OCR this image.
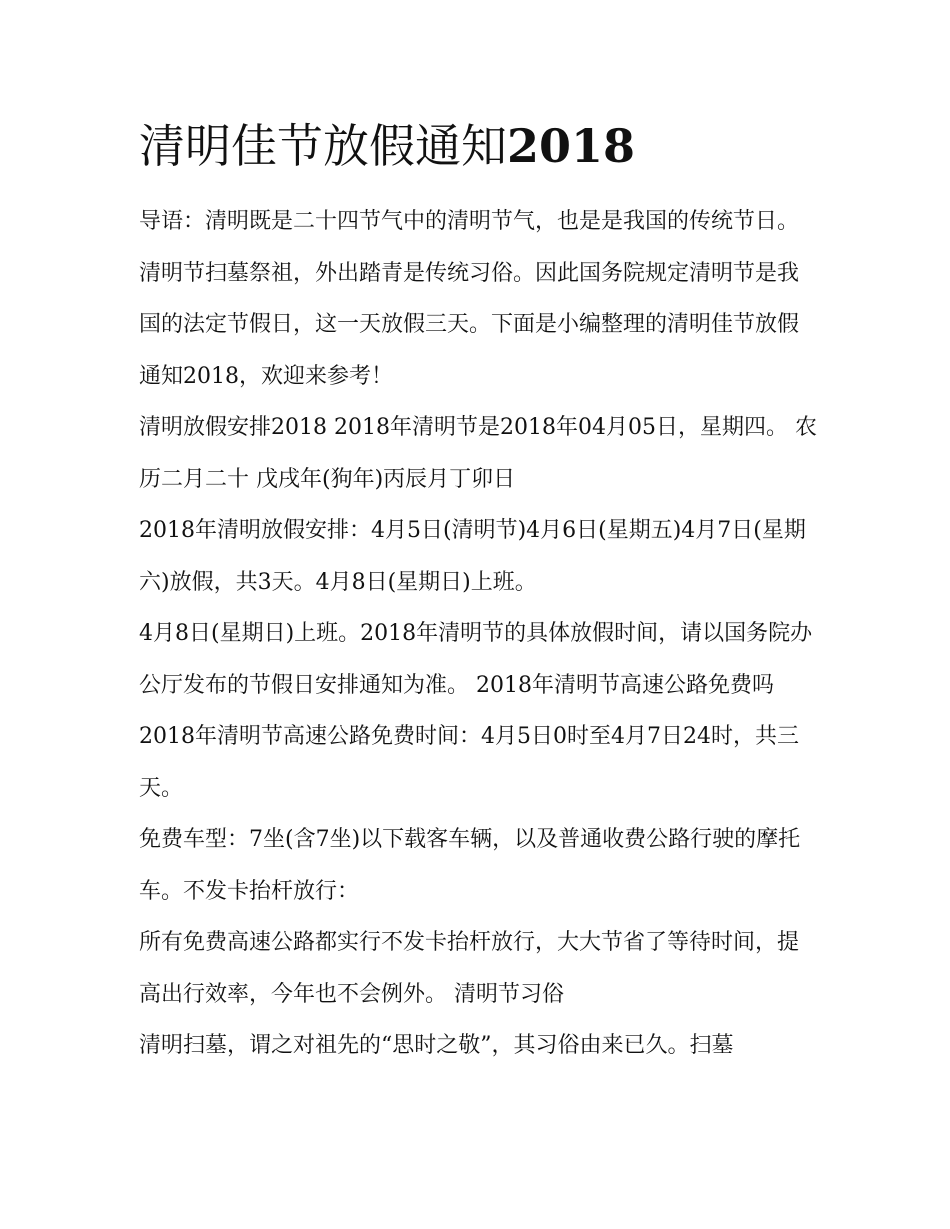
清明佳节放假通知2018

导语：清明既是二十四节气中的清明节气，也是是我国的传统节日。清明节扫墓祭祖，外出踏青是传统习俗。因此国务院规定清明节是我国的法定节假日，这一天放假三天。下面是小编整理的清明佳节放假通知2018，欢迎来参考！

清明放假安排2018 2018年清明节是2018年04月05日，星期四。 农历二月二十 戊戌年(狗年)丙辰月丁卯日

2018年清明放假安排：4月5日(清明节)4月6日(星期五)4月7日(星期六)放假，共3天。4月8日(星期日)上班。

4月8日(星期日)上班。2018年清明节的具体放假时间，请以国务院办公厅发布的节假日安排通知为准。 2018年清明节高速公路免费吗

2018年清明节高速公路免费时间：4月5日0时至4月7日24时，共三天。

免费车型：7坐(含7坐)以下载客车辆，以及普通收费公路行驶的摩托车。不发卡抬杆放行：

所有免费高速公路都实行不发卡抬杆放行，大大节省了等待时间，提高出行效率，今年也不会例外。 清明节习俗

清明扫墓，谓之对祖先的“思时之敬”，其习俗由来已久。扫墓
